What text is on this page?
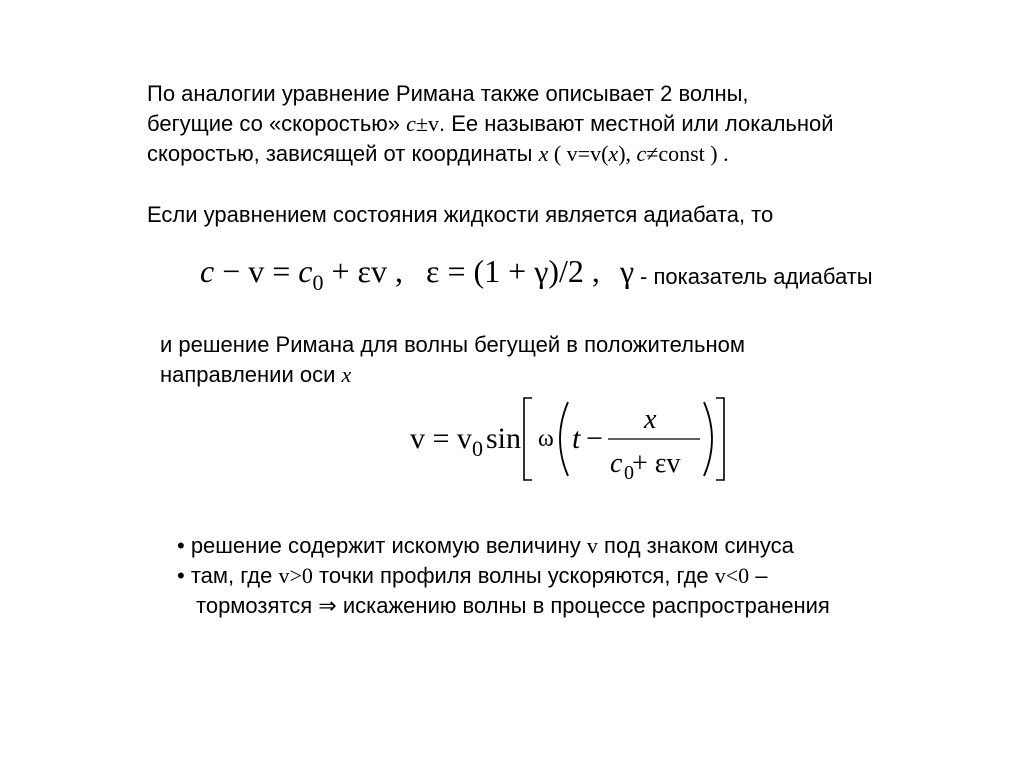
По аналогии уравнение Римана также описывает 2 волны,
бегущие со «скоростью» c±v. Ее называют местной или локальной
скоростью, зависящей от координаты x ( v=v(x), c≠const ) .
Если уравнением состояния жидкости является адиабата, то
$c - v = c_0 + \varepsilon v$ , ε = (1 + γ)/2 , γ - показатель адиабаты
и решение Римана для волны бегущей в положительном
направлении оси x
v = v 0 sin ω t −
x
c 0
+ εv
• решение содержит искомую величину v под знаком синуса
• там, где v>0 точки профиля волны ускоряются, где v<0 –
тормозятся ⇒ искажению волны в процессе распространения
